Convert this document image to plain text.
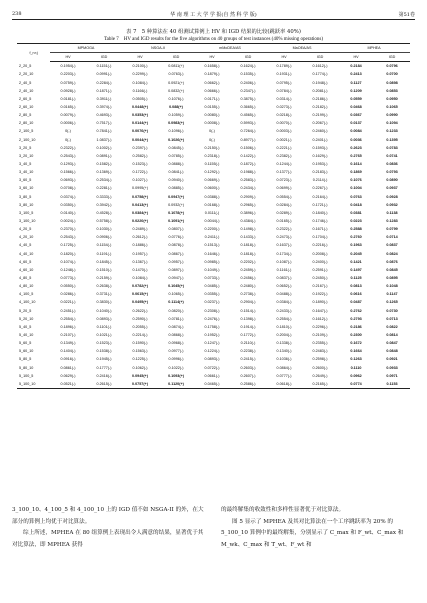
238	华 南 理 工 大 学 学 报(自 然 科 学 版)	第51卷
表 7　5 种算法在 40 组测试算例上 HV 和 IGD 结果的比较(跳跃率 40%)
Table 7　HV and IGD results for the five algorithms on 40 groups of test instances (40% missing operations)
f_n×j	MPMOGA		NSGA-II		mMoDEA/AS		MaOEA/AS		MPHEA	
	HV	IGD	HV	IGD	HV	IGD	HV	IGD	HV	IGD
2_20_5	0.1954(-)	0.1151(-)	0.2100(-)	0.0811(+)	0.1658(-)	0.1624(-)	0.1789(-)	0.1612(-)	0.2184	0.0796
2_20_10	0.2203(-)	0.0991(-)	0.2299(-)	0.0763(-)	0.1879(-)	0.1535(-)	0.1931(-)	0.1774(-)	0.2413	0.0700
2_40_5	0.0759(-)	0.2284(-)	0.1084(-)	0.0921(+)	0.0662(-)	0.2406(-)	0.0795(-)	0.1948(-)	0.1127	0.0898
2_40_10	0.0928(-)	0.1871(-)	0.1166(-)	0.0832(+)	0.0666(-)	0.2347(-)	0.0784(-)	0.2081(-)	0.1209	0.0853
2_60_5	0.0181(-)	0.3911(-)	0.0505(-)	0.1076(-)	0.0171(-)	0.3875(-)	0.0314(-)	0.2186(-)	0.0559	0.0950
2_60_10	0.0165(-)	0.3974(-)	0.0448(+)	0.088(+)	0.0155(-)	0.3665(-)	0.0273(-)	0.2182(-)	0.0468	0.1065
2_80_5	0.0079(-)	0.4693(-)	0.0353(+)	0.1059(-)	0.0080(-)	0.4565(-)	0.0218(-)	0.2199(-)	0.0367	0.0990
2_80_10	0.0006(-)	0.7517(-)	0.0144(+)	0.0983(+)	0.0008(-)	0.5993(-)	0.0070(-)	0.2067(-)	0.0137	0.1094
2_100_5	0(-)	0.7841(-)	0.0076(+)	0.1096(-)	0(-)	0.7264(-)	0.0003(-)	0.2460(-)	0.0084	0.1233
2_100_10	0(-)	1.0837(-)	0.0044(+)	0.1026(+)	0(-)	0.8977(-)	0.0021(-)	0.2401(-)	0.0036	0.1395
3_20_5	0.2322(-)	0.1002(-)	0.2397(-)	0.0845(-)	0.2150(-)	0.1506(-)	0.2221(-)	0.1593(-)	0.2623	0.0783
3_20_10	0.2543(-)	0.0891(-)	0.2582(-)	0.0785(-)	0.2318(-)	0.1422(-)	0.2382(-)	0.1629(-)	0.2765	0.0741
3_40_5	0.1293(-)	0.1582(-)	0.1523(-)	0.0888(-)	0.1155(-)	0.1872(-)	0.1244(-)	0.1953(-)	0.1614	0.0836
3_40_10	0.1566(-)	0.1369(-)	0.1722(-)	0.0841(-)	0.1292(-)	0.1988(-)	0.1377(-)	0.2183(-)	0.1869	0.0793
3_60_5	0.0693(-)	0.2534(-)	0.1027(-)	0.0940(-)	0.0669(-)	0.2583(-)	0.0723(-)	0.2114(-)	0.1076	0.0890
3_60_10	0.0708(-)	0.2281(-)	0.0995(+)	0.0885(-)	0.0600(-)	0.2434(-)	0.0699(-)	0.2267(-)	0.1004	0.0937
3_80_5	0.0374(-)	0.3333(-)	0.0758(+)	0.0947(+)	0.0388(-)	0.2909(-)	0.0554(-)	0.2164(-)	0.0763	0.0928
3_80_10	0.0350(-)	0.3942(-)	0.0413(+)	0.0932(+)	0.0168(-)	0.2965(-)	0.0284(-)	0.1721(-)	0.0418	0.0932
3_100_5	0.0140(-)	0.4528(-)	0.0384(+)	0.1078(+)	0.0111(-)	0.3896(-)	0.0289(-)	0.1840(-)	0.0381	0.1138
3_100_10	0.0024(-)	0.5758(-)	0.0220(+)	0.1091(+)	0.0044(-)	0.4384(-)	0.0165(-)	0.1746(-)	0.0223	0.1283
4_20_5	0.2370(-)	0.1030(-)	0.2489(-)	0.0807(-)	0.2200(-)	0.1498(-)	0.2322(-)	0.1671(-)	0.2588	0.0799
4_20_10	0.2543(-)	0.0906(-)	0.2612(-)	0.0776(-)	0.2411(-)	0.1433(-)	0.2473(-)	0.1704(-)	0.2760	0.0714
4_40_5	0.1725(-)	0.1154(-)	0.1886(-)	0.0878(-)	0.1513(-)	0.1818(-)	0.1637(-)	0.2216(-)	0.1963	0.0837
4_40_10	0.1820(-)	0.1191(-)	0.1957(-)	0.0867(-)	0.1646(-)	0.1818(-)	0.1734(-)	0.2008(-)	0.2045	0.0824
4_60_5	0.1074(-)	0.1845(-)	0.1367(-)	0.0957(-)	0.0985(-)	0.2202(-)	0.1087(-)	0.2400(-)	0.1421	0.0876
4_60_10	0.1248(-)	0.1510(-)	0.1470(-)	0.0897(-)	0.1049(-)	0.2459(-)	0.1161(-)	0.2591(-)	0.1497	0.0845
4_80_5	0.0773(-)	0.2159(-)	0.1084(-)	0.0947(-)	0.0733(-)	0.2456(-)	0.0837(-)	0.2450(-)	0.1125	0.0895
4_80_10	0.0550(-)	0.2638(-)	0.0782(+)	0.1045(+)	0.0485(-)	0.2480(-)	0.0652(-)	0.2167(-)	0.0813	0.1048
4_100_5	0.0286(-)	0.3731(-)	0.0615(+)	0.1065(-)	0.0355(-)	0.2738(-)	0.0488(-)	0.1922(-)	0.0616	0.1147
4_100_10	0.0221(-)	0.3830(-)	0.0495(+)	0.1114(+)	0.0237(-)	0.2904(-)	0.0384(-)	0.1890(-)	0.0487	0.1265
5_20_5	0.2451(-)	0.1040(-)	0.2622(-)	0.0820(-)	0.2308(-)	0.1514(-)	0.2433(-)	0.1647(-)	0.2762	0.0730
5_20_10	0.2554(-)	0.0893(-)	0.2590(-)	0.0781(-)	0.2476(-)	0.1398(-)	0.2554(-)	0.1612(-)	0.2793	0.0713
5_40_5	0.1896(-)	0.1101(-)	0.2055(-)	0.0874(-)	0.1758(-)	0.1914(-)	0.1810(-)	0.2296(-)	0.2186	0.0822
5_40_10	0.2107(-)	0.1021(-)	0.2214(-)	0.0868(-)	0.1952(-)	0.1772(-)	0.2004(-)	0.2109(-)	0.2300	0.0814
5_60_5	0.1349(-)	0.1523(-)	0.1590(-)	0.0968(-)	0.1247(-)	0.2110(-)	0.1338(-)	0.2355(-)	0.1672	0.0847
5_60_10	0.1404(-)	0.1538(-)	0.1563(-)	0.0977(-)	0.1224(-)	0.2238(-)	0.1340(-)	0.2483(-)	0.1664	0.0848
5_80_5	0.0916(-)	0.1945(-)	0.1225(-)	0.0996(-)	0.0893(-)	0.2415(-)	0.1036(-)	0.2598(-)	0.1263	0.0921
5_80_10	0.0861(-)	0.1777(-)	0.1062(-)	0.1022(-)	0.0722(-)	0.2603(-)	0.0864(-)	0.2600(-)	0.1110	0.0933
5_100_5	0.0629(-)	0.2416(-)	0.0945(+)	0.1093(+)	0.0661(-)	0.2607(-)	0.0777(-)	0.2649(-)	0.0962	0.0971
5_100_10	0.0521(-)	0.2615(-)	0.0757(+)	0.1120(+)	0.0465(-)	0.2586(-)	0.0618(-)	0.2165(-)	0.0774	0.1153

3_100_10、4_100_5 和 4_100_10 上的 IGD 值不如 NSGA-II 的外，在大部分的算例上均优于对比算法。

综上所述，MPHEA 在 80 组算例上表现出令人满意的结果，显著优于其对比算法，即 MPHEA 获得

的最终解集的收敛性和多样性显著优于对比算法。

图 5 显示了 MPHEA 及其对比算法在一个工序跳跃率为 20% 的 5_100_10 算例中的最终解集，分别显示了 C_max 和 F_wt、C_max 和 M_wk、C_max 和 T_wt、F_wt 和
